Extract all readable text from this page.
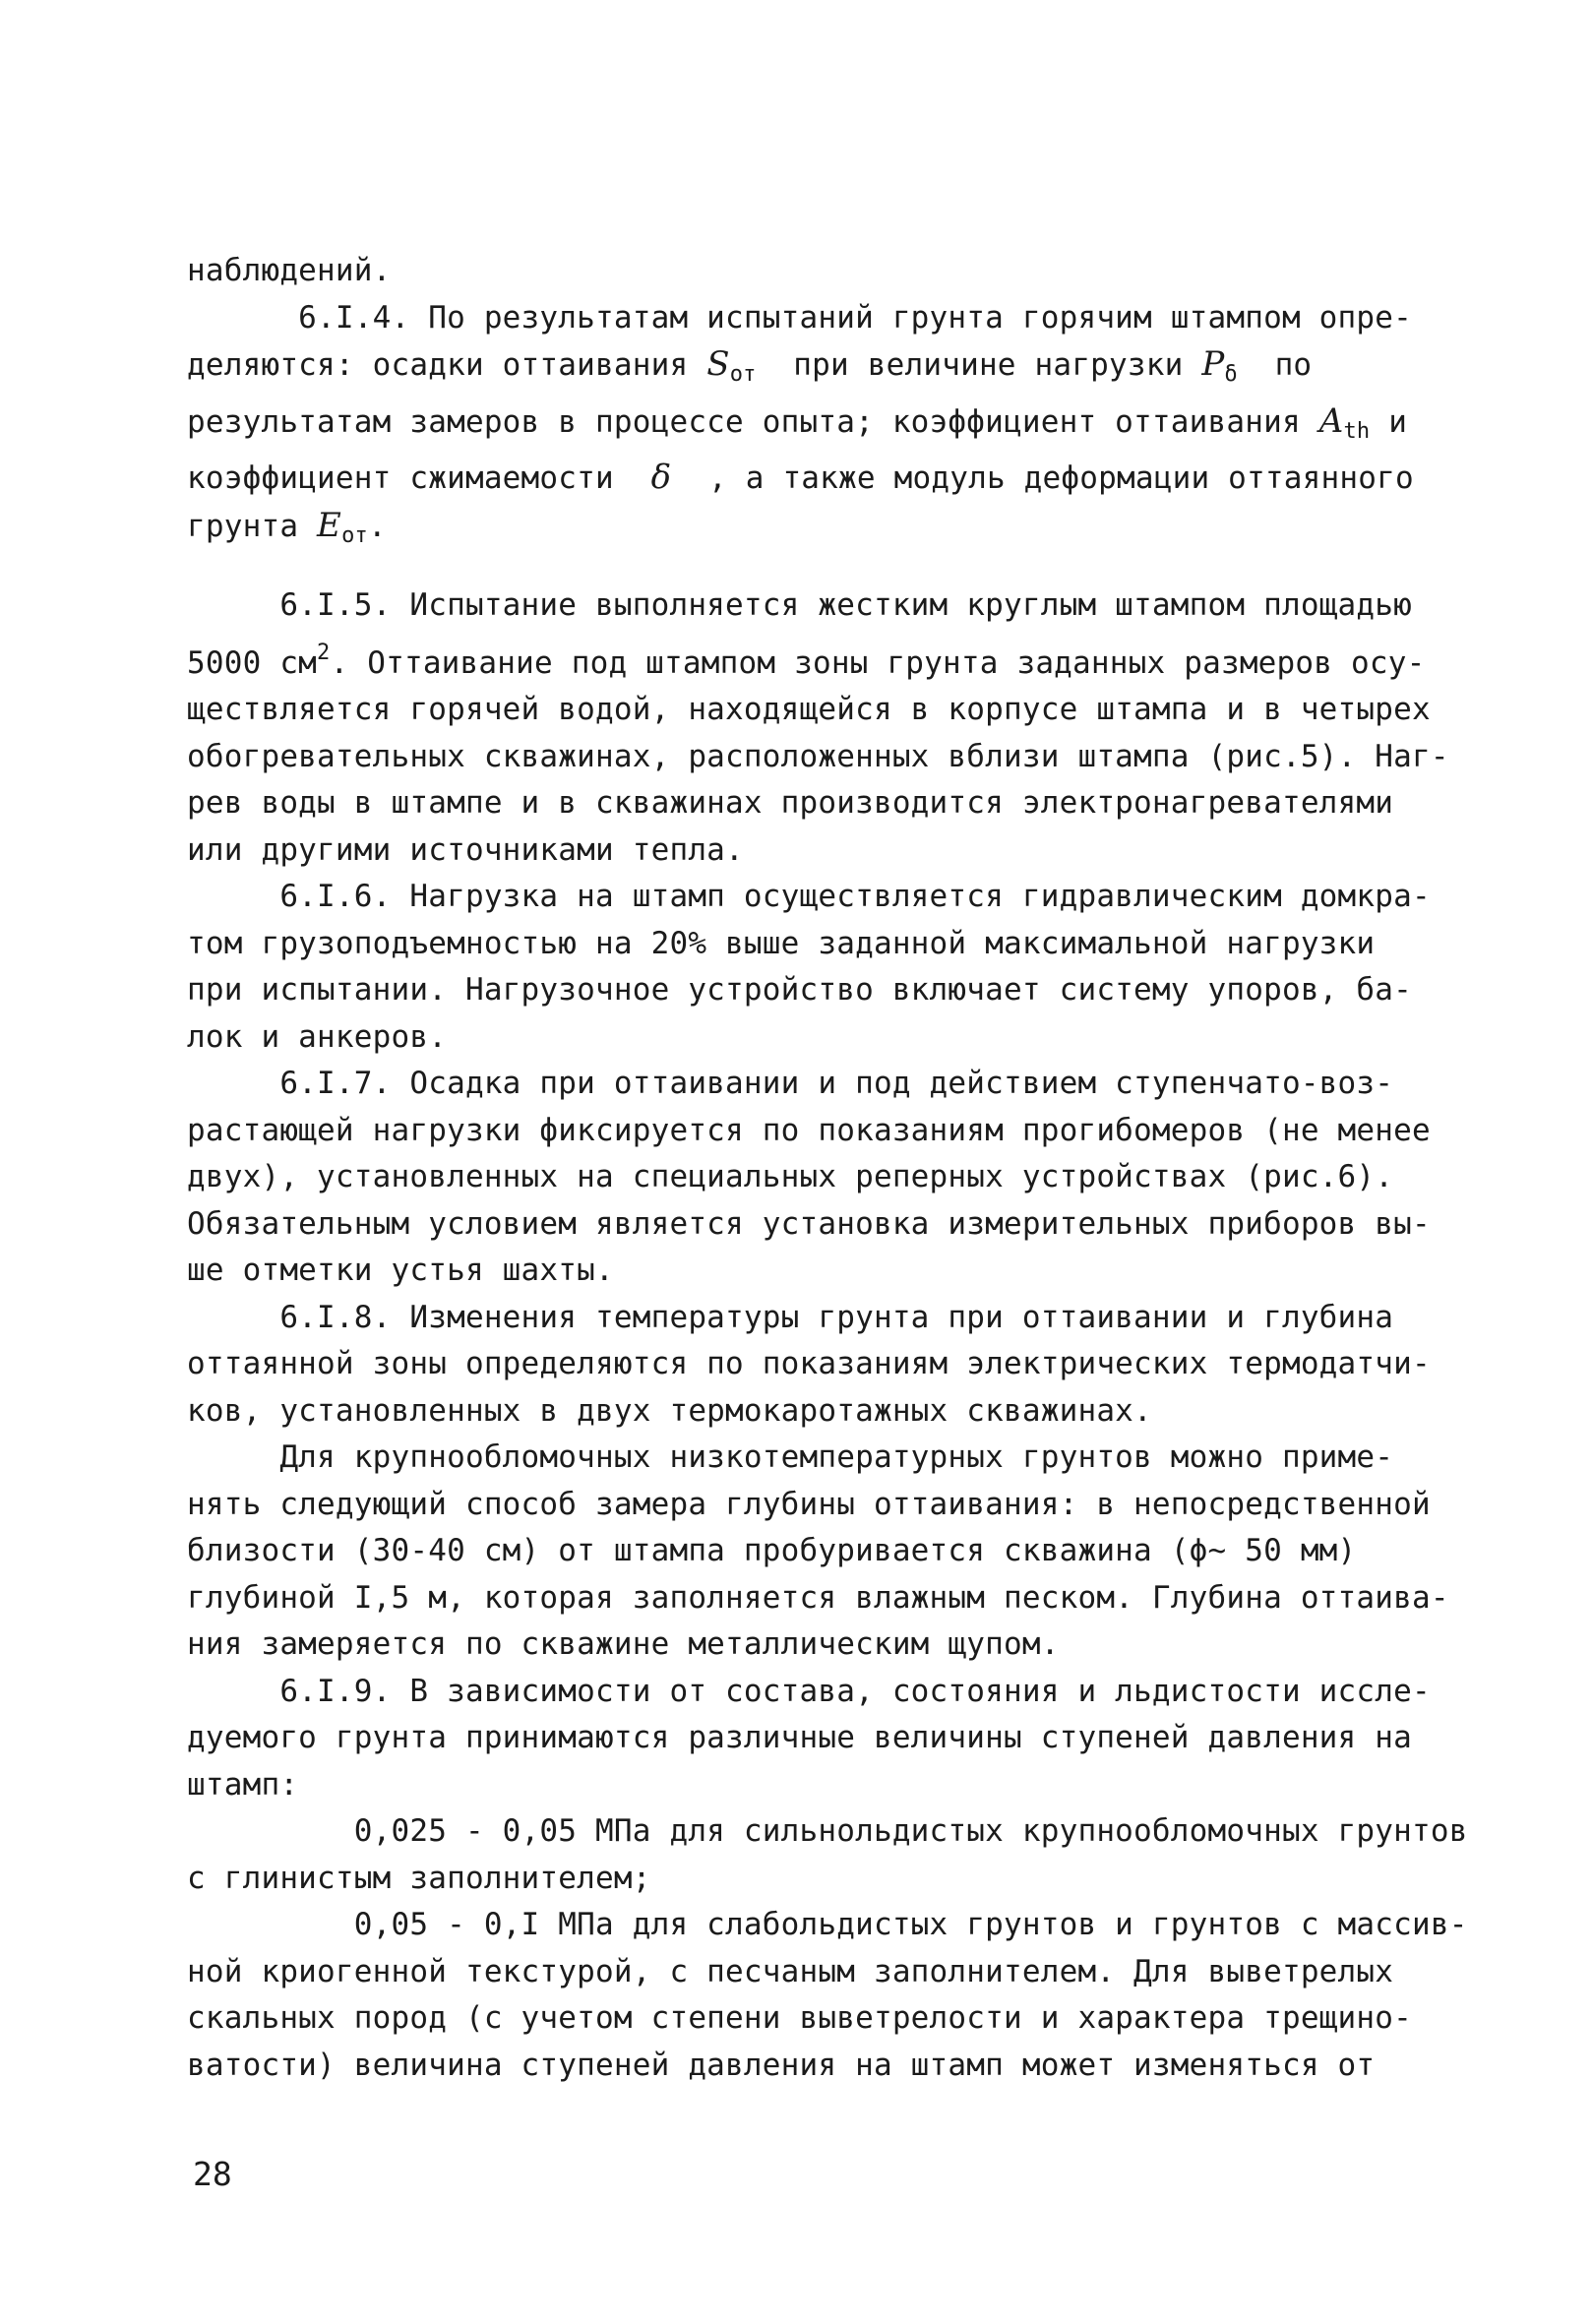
наблюдений.
6.I.4. По результатам испытаний грунта горячим штампом опре-
деляются: осадки оттаивания $S_{от}$  при величине нагрузки $P_\delta$  по
результатам замеров в процессе опыта; коэффициент оттаивания $A_{th}$ и
коэффициент сжимаемости  δ  , а также модуль деформации оттаянного
грунта $E_{от}$.
6.I.5. Испытание выполняется жестким круглым штампом площадью
5000 $см^2$. Оттаивание под штампом зоны грунта заданных размеров осу-
ществляется горячей водой, находящейся в корпусе штампа и в четырех
обогревательных скважинах, расположенных вблизи штампа (рис.5). Наг-
рев воды в штампе и в скважинах производится электронагревателями
или другими источниками тепла.
6.I.6. Нагрузка на штамп осуществляется гидравлическим домкра-
том грузоподъемностью на 20% выше заданной максимальной нагрузки
при испытании. Нагрузочное устройство включает систему упоров, ба-
лок и анкеров.
6.I.7. Осадка при оттаивании и под действием ступенчато-воз-
растающей нагрузки фиксируется по показаниям прогибомеров (не менее
двух), установленных на специальных реперных устройствах (рис.6).
Обязательным условием является установка измерительных приборов вы-
ше отметки устья шахты.
6.I.8. Изменения температуры грунта при оттаивании и глубина
оттаянной зоны определяются по показаниям электрических термодатчи-
ков, установленных в двух термокаротажных скважинах.
Для крупнообломочных низкотемпературных грунтов можно приме-
нять следующий способ замера глубины оттаивания: в непосредственной
близости (30-40 см) от штампа пробуривается скважина (ϕ~ 50 мм)
глубиной I,5 м, которая заполняется влажным песком. Глубина оттаива-
ния замеряется по скважине металлическим щупом.
6.I.9. В зависимости от состава, состояния и льдистости иссле-
дуемого грунта принимаются различные величины ступеней давления на
штамп:
0,025 - 0,05 МПа для сильнольдистых крупнообломочных грунтов
с глинистым заполнителем;
0,05 - 0,I МПа для слабольдистых грунтов и грунтов с массив-
ной криогенной текстурой, с песчаным заполнителем. Для выветрелых
скальных пород (с учетом степени выветрелости и характера трещино-
ватости) величина ступеней давления на штамп может изменяться от
28
